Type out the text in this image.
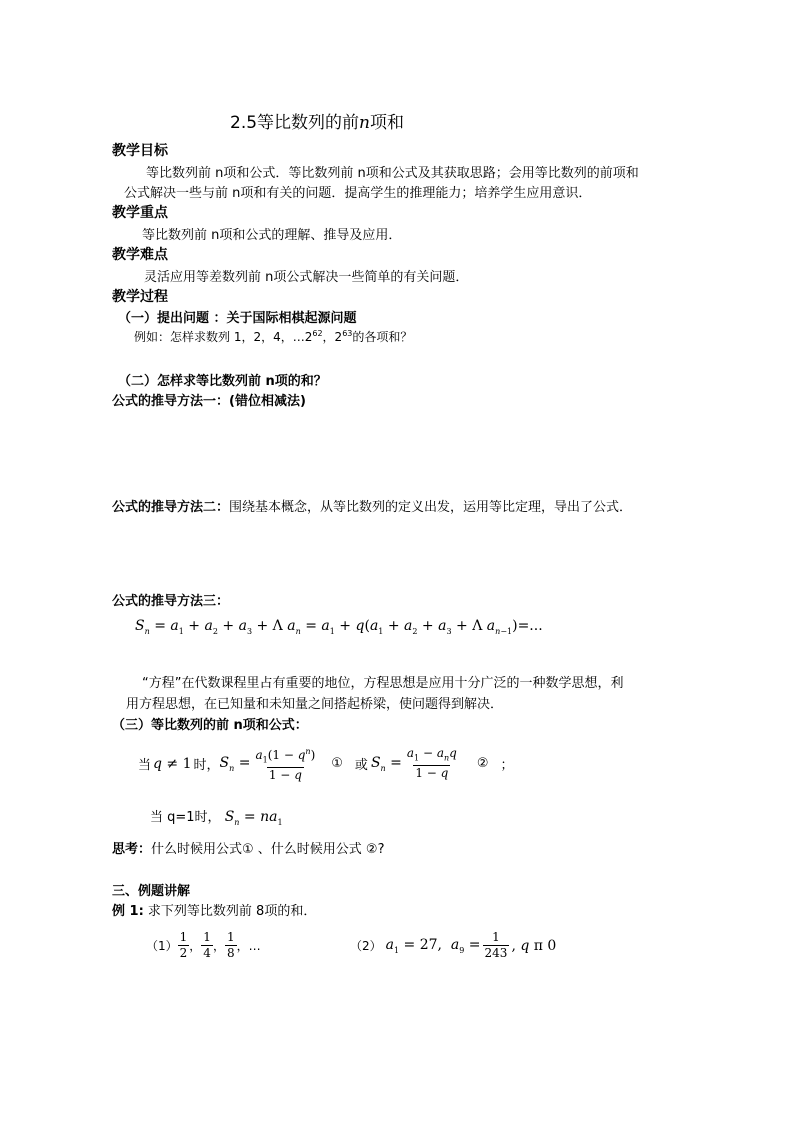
2.5等比数列的前n项和
教学目标
等比数列前 n项和公式．等比数列前 n项和公式及其获取思路；会用等比数列的前项和
公式解决一些与前 n项和有关的问题．提高学生的推理能力；培养学生应用意识．
教学重点
等比数列前 n项和公式的理解、推导及应用．
教学难点
灵活应用等差数列前 n项公式解决一些简单的有关问题．
教学过程
（一）提出问题 ：关于国际相棋起源问题
例如：怎样求数列 1，2，4，$\dots 2^{62}$，$2^{63}$的各项和？
（二）怎样求等比数列前 n项的和？
公式的推导方法一：(错位相减法)
公式的推导方法二：围绕基本概念，从等比数列的定义出发，运用等比定理，导出了公式．
公式的推导方法三：
$S_n = a_1 + a_2 + a_3 + \Lambda$ $a_n = a_1 + q(a_1 + a_2 + a_3 + \Lambda$ $a_{n-1})=$...
“方程”在代数课程里占有重要的地位，方程思想是应用十分广泛的一种数学思想，利
用方程思想，在已知量和未知量之间搭起桥梁，使问题得到解决．
（三）等比数列的前 n项和公式：
当 q ≠ 1 时， $S_n = \frac{a_1(1 - q^n)}{1 - q}$ ① 或 $S_n = \frac{a_1 - a_nq}{1 - q}$ ② ；
当 q=1时， $S_n = na_1$
思考：什么时候用公式① 、什么时候用公式 ②?
三、例题讲解
例 1: 求下列等比数列前 8项的和．
$(1) \frac{1}{2}$ ， $\frac{1}{4}$ ， $\frac{1}{8}$ ，…	（2） $a_1 = 27$,  $a_9 = \frac{1}{243}$ , q π 0
